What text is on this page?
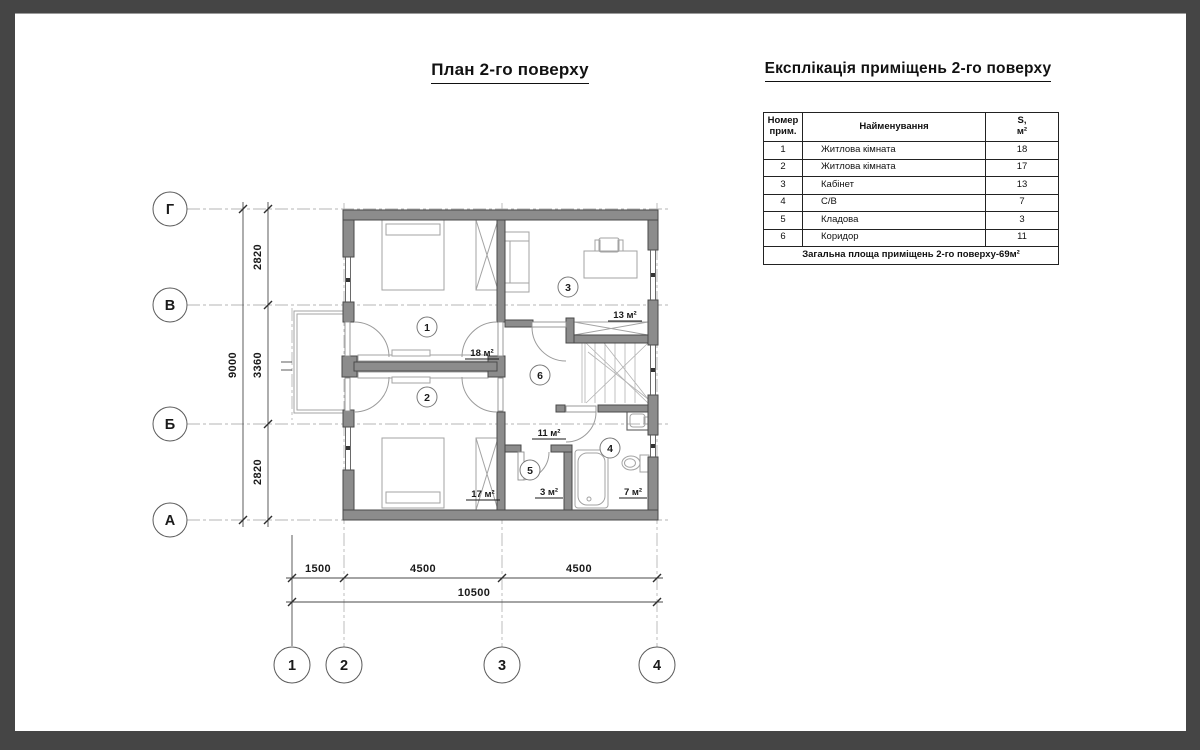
9000
2820
3360
2820
1500	4500	4500
10500
Г
В
Б
А
1	2	3	4
1
2
3
4
5
6
18 м²
17 м²
13 м²
11 м²
3 м²	7 м²
План 2-го поверху	Експлікація приміщень 2-го поверху
Номер
прим.	Найменування	S,
м²

1	Житлова кімната	18
2	Житлова кімната	17
3	Кабінет	13
4	С/В	7
5	Кладова	3
6	Коридор	11
Загальна площа приміщень 2-го поверху-69м²		
